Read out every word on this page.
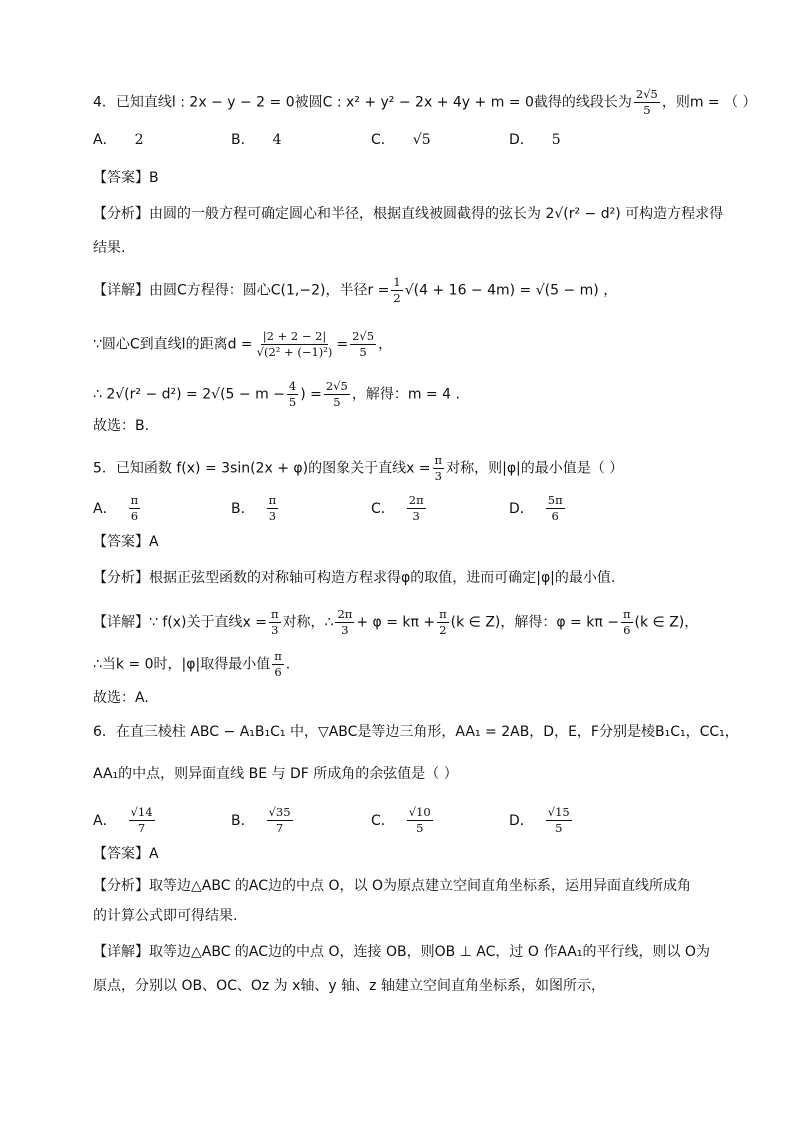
4．已知直线l : 2x − y − 2 = 0被圆C : x² + y² − 2x + 4y + m = 0截得的线段长为 $\frac{2√5}{5}$ ，则m = （ ）
A． 2	B． 4	C． √5	D． 5
【答案】B
【分析】由圆的一般方程可确定圆心和半径，根据直线被圆截得的弦长为 2√(r² − d²) 可构造方程求得
结果.
【详解】由圆C方程得：圆心C(1,−2)，半径$r = \frac{1}{2} √(4 + 16 - 4m) = √(5 - m)$ ，
∵圆心C到直线l的距离$d = \frac{|2 + 2 - 2|}{\text{√(2² + (−1)²)}} = \frac{2√5}{5}$ ，
∴ $2√(r^2 - d^2) = 2√(5 - m - \frac{4}{5}$ ) = $\frac{2√5}{5}$ ，解得：m = 4 .
故选：B.
5．已知函数 f(x) = 3sin(2x + φ)的图象关于直线$x = \frac{\pi}{3}$ 对称，则|φ|的最小值是（ ）
A． $\frac{\pi}{6}$	B． $\frac{\pi}{3}$	C． $\frac{2\pi}{3}$	D． $\frac{5\pi}{6}$
【答案】A
【分析】根据正弦型函数的对称轴可构造方程求得φ的取值，进而可确定|φ|的最小值.
【详解】∵ f(x)关于直线$x = \frac{\pi}{3}$ 对称，∴ $\frac{2\pi}{3} + \varphi = k\pi + \frac{\pi}{2} (k$ ∈ Z)，解得：$\varphi = k\pi - \frac{\pi}{6} (k$ ∈ Z)，
∴当k = 0时，|φ|取得最小值 $\frac{\pi}{6}$ .
故选：A.
6．在直三棱柱 ABC − A₁B₁C₁ 中，▽ABC是等边三角形，AA₁ = 2AB，D，E，F分别是棱B₁C₁，CC₁，
AA₁的中点，则异面直线 BE 与 DF 所成角的余弦值是（ ）
A． $\frac{√14}{7}$	B． $\frac{√35}{7}$	C． $\frac{√10}{5}$	D． $\frac{√15}{5}$
【答案】A
【分析】取等边△ABC 的AC边的中点 O，以 O为原点建立空间直角坐标系，运用异面直线所成角
的计算公式即可得结果.
【详解】取等边△ABC 的AC边的中点 O，连接 OB，则OB ⊥ AC，过 O 作AA₁的平行线，则以 O为
原点，分别以 OB、OC、Oz 为 x轴、y 轴、z 轴建立空间直角坐标系，如图所示，
